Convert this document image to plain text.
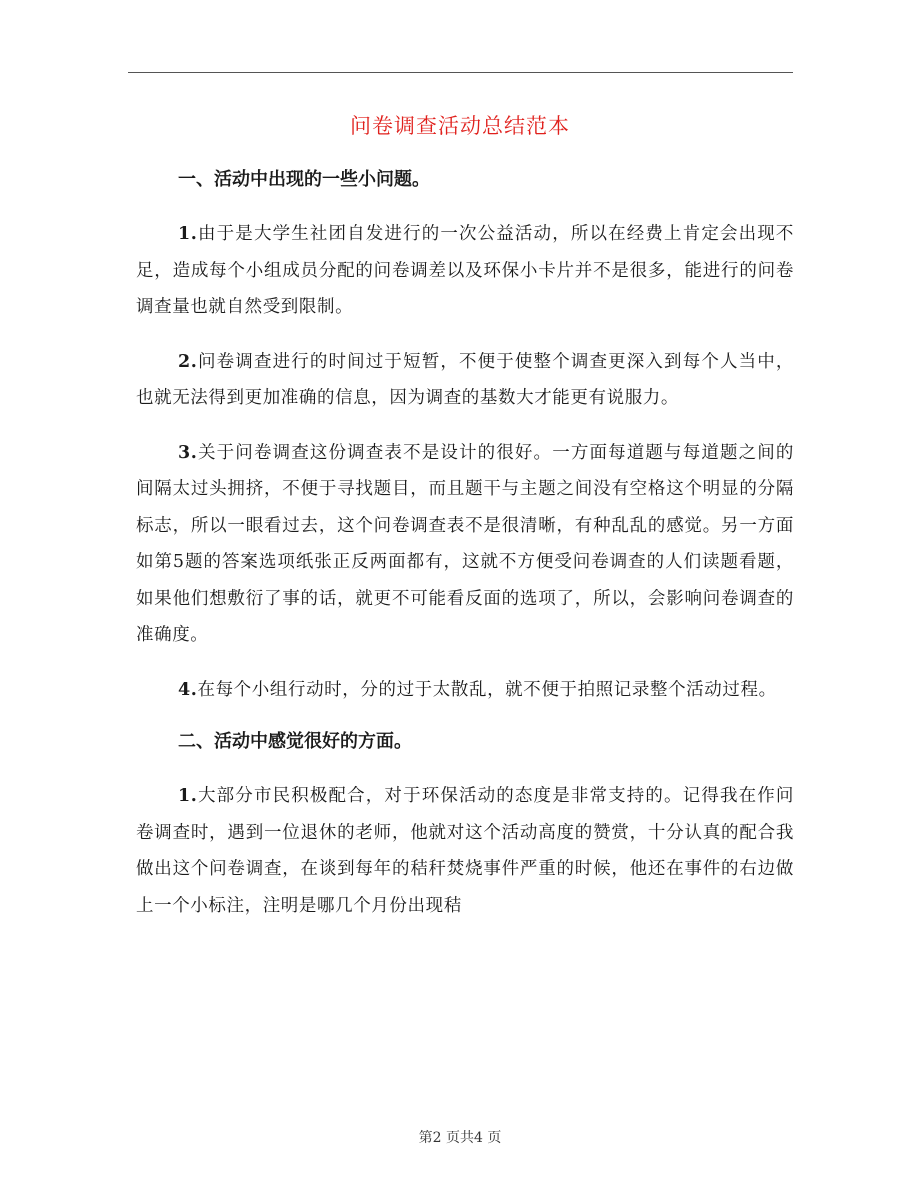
问卷调查活动总结范本
一、活动中出现的一些小问题。

1.由于是大学生社团自发进行的一次公益活动，所以在经费上肯定会出现不足，造成每个小组成员分配的问卷调差以及环保小卡片并不是很多，能进行的问卷调查量也就自然受到限制。

2.问卷调查进行的时间过于短暂，不便于使整个调查更深入到每个人当中，也就无法得到更加准确的信息，因为调查的基数大才能更有说服力。

3.关于问卷调查这份调查表不是设计的很好。一方面每道题与每道题之间的间隔太过头拥挤，不便于寻找题目，而且题干与主题之间没有空格这个明显的分隔标志，所以一眼看过去，这个问卷调查表不是很清晰，有种乱乱的感觉。另一方面如第5题的答案选项纸张正反两面都有，这就不方便受问卷调查的人们读题看题，如果他们想敷衍了事的话，就更不可能看反面的选项了，所以，会影响问卷调查的准确度。

4.在每个小组行动时，分的过于太散乱，就不便于拍照记录整个活动过程。

二、活动中感觉很好的方面。

1.大部分市民积极配合，对于环保活动的态度是非常支持的。记得我在作问卷调查时，遇到一位退休的老师，他就对这个活动高度的赞赏，十分认真的配合我做出这个问卷调查，在谈到每年的秸秆焚烧事件严重的时候，他还在事件的右边做上一个小标注，注明是哪几个月份出现秸

第2 页共4 页
